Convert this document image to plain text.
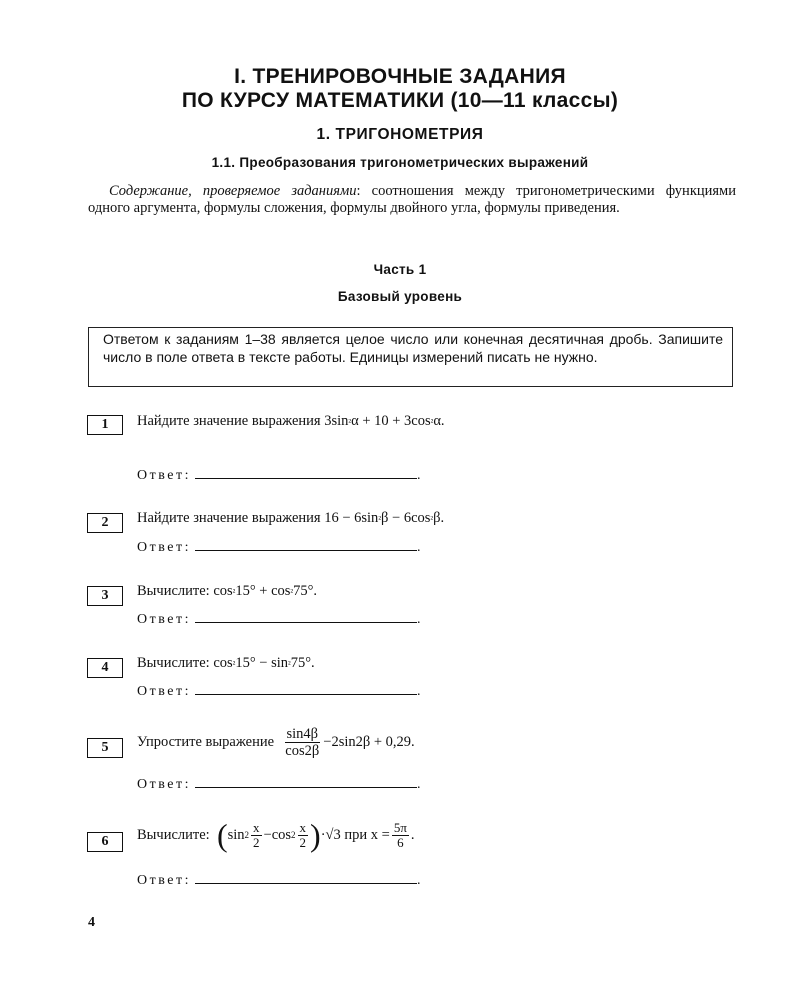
I. ТРЕНИРОВОЧНЫЕ ЗАДАНИЯ
ПО КУРСУ МАТЕМАТИКИ (10—11 классы)
1. ТРИГОНОМЕТРИЯ
1.1. Преобразования тригонометрических выражений
Содержание, проверяемое заданиями: соотношения между тригонометрическими функциями одного аргумента, формулы сложения, формулы двойного угла, формулы приведения.
Часть 1
Базовый уровень
Ответом к заданиям 1–38 является целое число или конечная десятичная дробь. Запишите число в поле ответа в тексте работы. Единицы измерений писать не нужно.
1	Найдите значение выражения 3sin ² α + 10 + 3cos ² α.
Ответ:	.
2	Найдите значение выражения 16 − 6sin ² β − 6cos ² β.
Ответ:	.
3	Вычислите: cos ² 15° + cos ² 75°.
Ответ:	.
4	Вычислите: cos ² 15° − sin ² 75°.
Ответ:	.
5	Упростите выражение
$\frac{\sin 4\beta}{\cos 2\beta} -2\sin 2\beta + 0,29$.
Ответ:	.
6	Вычислите:
( $\sin 2 \frac{x}{2} -\cos$ $2 \frac{x}{2}$ ) ·√3 при $x = \frac{5\pi}{6}$ .
Ответ:	.
4
